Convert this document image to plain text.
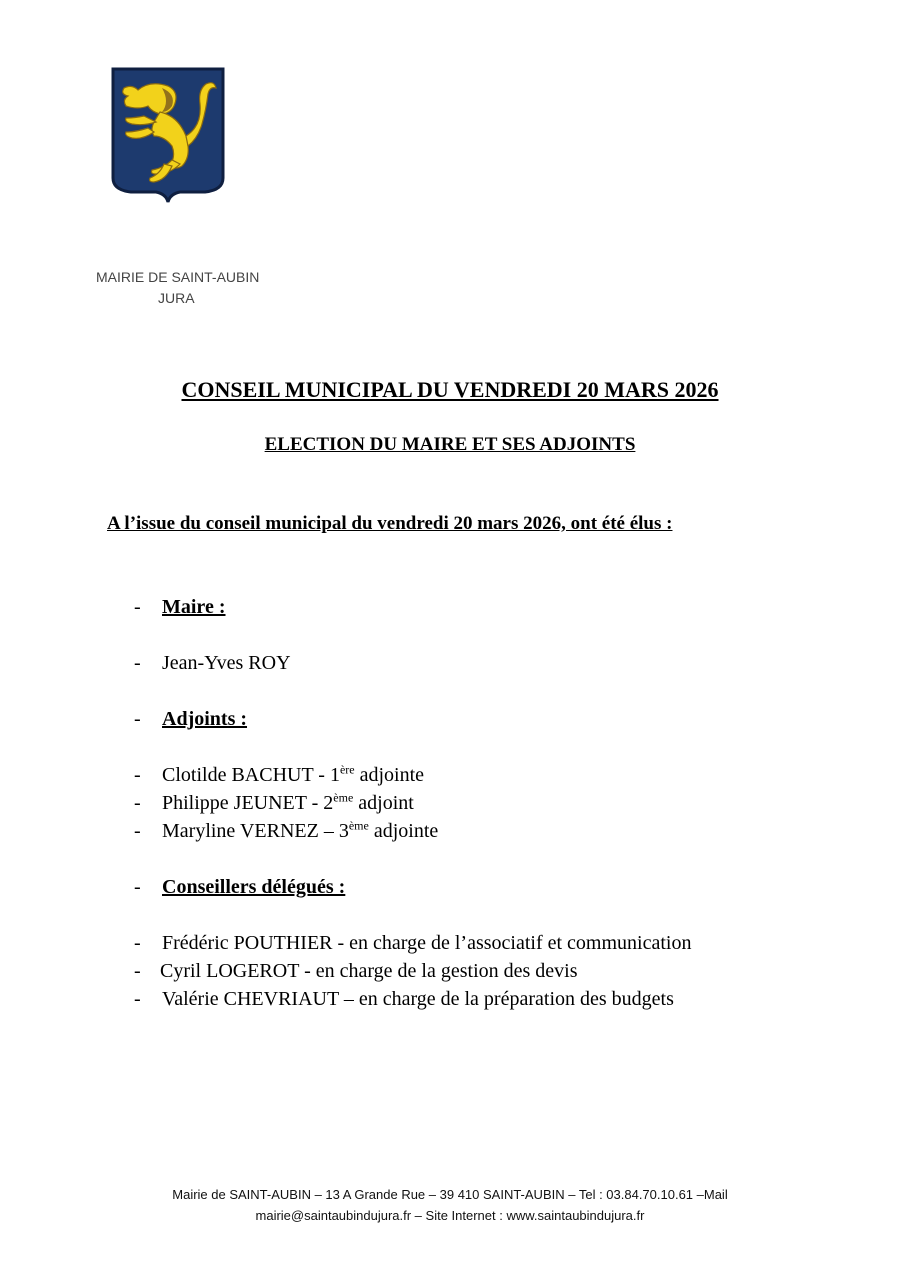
MAIRIE DE SAINT-AUBIN
JURA
CONSEIL MUNICIPAL DU VENDREDI 20 MARS 2026
ELECTION DU MAIRE ET SES ADJOINTS
A l’issue du conseil municipal du vendredi 20 mars 2026, ont été élus :
- Maire :
- Jean-Yves ROY
- Adjoints :
- Clotilde BACHUT - 1ère adjointe
- Philippe JEUNET - 2ème adjoint
- Maryline VERNEZ – 3ème adjointe
- Conseillers délégués :
- Frédéric POUTHIER - en charge de l’associatif et communication
- Cyril LOGEROT - en charge de la gestion des devis
- Valérie CHEVRIAUT – en charge de la préparation des budgets
Mairie de SAINT-AUBIN – 13 A Grande Rue – 39 410 SAINT-AUBIN – Tel : 03.84.70.10.61 –Mail
mairie@saintaubindujura.fr – Site Internet : www.saintaubindujura.fr
